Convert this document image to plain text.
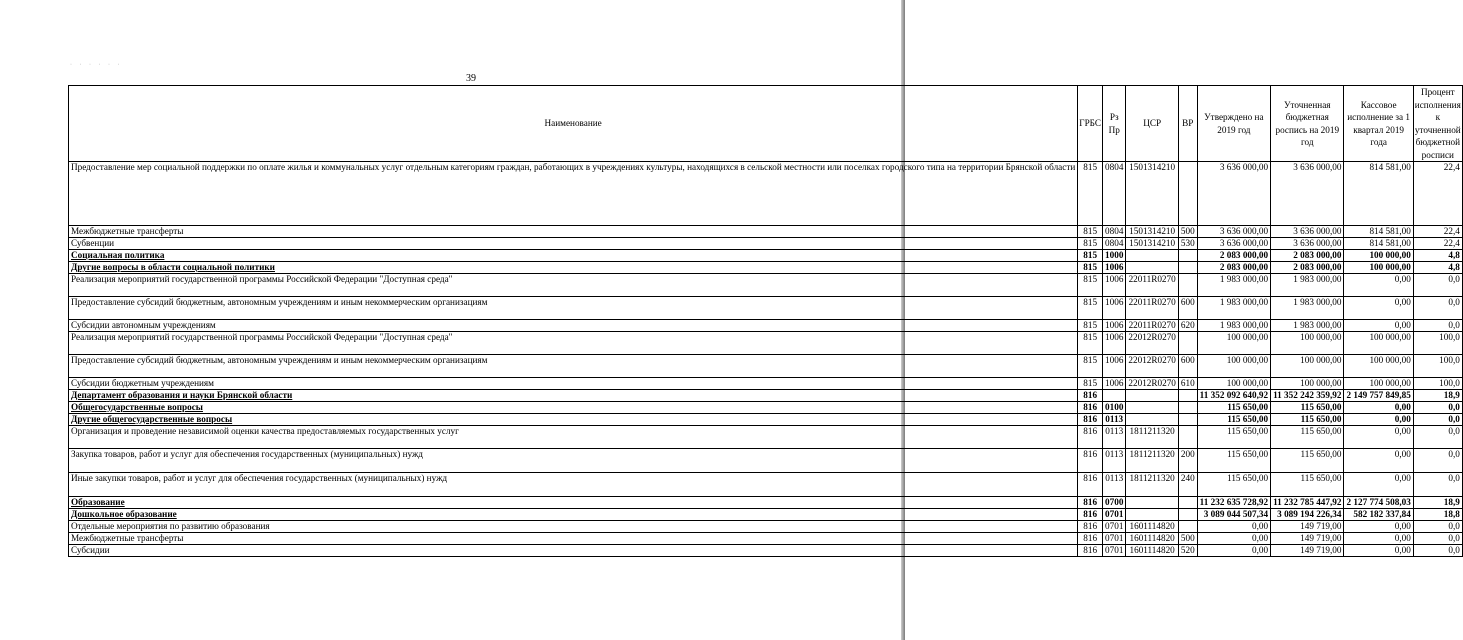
· · · · · ·
39
Наименование	ГРБС	Рз Пр	ЦСР	ВР	Утверждено на 2019 год	Уточненная бюджетная роспись на 2019 год	Кассовое исполнение за 1 квартал 2019 года	Процент исполнения к уточненной бюджетной росписи
Предоставление мер социальной поддержки по оплате жилья и коммунальных услуг отдельным категориям граждан, работающих в учреждениях культуры, находящихся в сельской местности или поселках городского типа на территории Брянской области	815	0804	1501314210		3 636 000,00	3 636 000,00	814 581,00	22,4
Межбюджетные трансферты	815	0804	1501314210	500	3 636 000,00	3 636 000,00	814 581,00	22,4
Субвенции	815	0804	1501314210	530	3 636 000,00	3 636 000,00	814 581,00	22,4
Социальная политика	815	1000			2 083 000,00	2 083 000,00	100 000,00	4,8
Другие вопросы в области социальной политики	815	1006			2 083 000,00	2 083 000,00	100 000,00	4,8
Реализация мероприятий государственной программы Российской Федерации "Доступная среда"	815	1006	22011R0270		1 983 000,00	1 983 000,00	0,00	0,0
Предоставление субсидий бюджетным, автономным учреждениям и иным некоммерческим организациям	815	1006	22011R0270	600	1 983 000,00	1 983 000,00	0,00	0,0
Субсидии автономным учреждениям	815	1006	22011R0270	620	1 983 000,00	1 983 000,00	0,00	0,0
Реализация мероприятий государственной программы Российской Федерации "Доступная среда"	815	1006	22012R0270		100 000,00	100 000,00	100 000,00	100,0
Предоставление субсидий бюджетным, автономным учреждениям и иным некоммерческим организациям	815	1006	22012R0270	600	100 000,00	100 000,00	100 000,00	100,0
Субсидии бюджетным учреждениям	815	1006	22012R0270	610	100 000,00	100 000,00	100 000,00	100,0
Департамент образования и науки Брянской области	816				11 352 092 640,92	11 352 242 359,92	2 149 757 849,85	18,9
Общегосударственные вопросы	816	0100			115 650,00	115 650,00	0,00	0,0
Другие общегосударственные вопросы	816	0113			115 650,00	115 650,00	0,00	0,0
Организация и проведение независимой оценки качества предоставляемых государственных услуг	816	0113	1811211320		115 650,00	115 650,00	0,00	0,0
Закупка товаров, работ и услуг для обеспечения государственных (муниципальных) нужд	816	0113	1811211320	200	115 650,00	115 650,00	0,00	0,0
Иные закупки товаров, работ и услуг для обеспечения государственных (муниципальных) нужд	816	0113	1811211320	240	115 650,00	115 650,00	0,00	0,0
Образование	816	0700			11 232 635 728,92	11 232 785 447,92	2 127 774 508,03	18,9
Дошкольное образование	816	0701			3 089 044 507,34	3 089 194 226,34	582 182 337,84	18,8
Отдельные мероприятия по развитию образования	816	0701	1601114820		0,00	149 719,00	0,00	0,0
Межбюджетные трансферты	816	0701	1601114820	500	0,00	149 719,00	0,00	0,0
Субсидии	816	0701	1601114820	520	0,00	149 719,00	0,00	0,0
